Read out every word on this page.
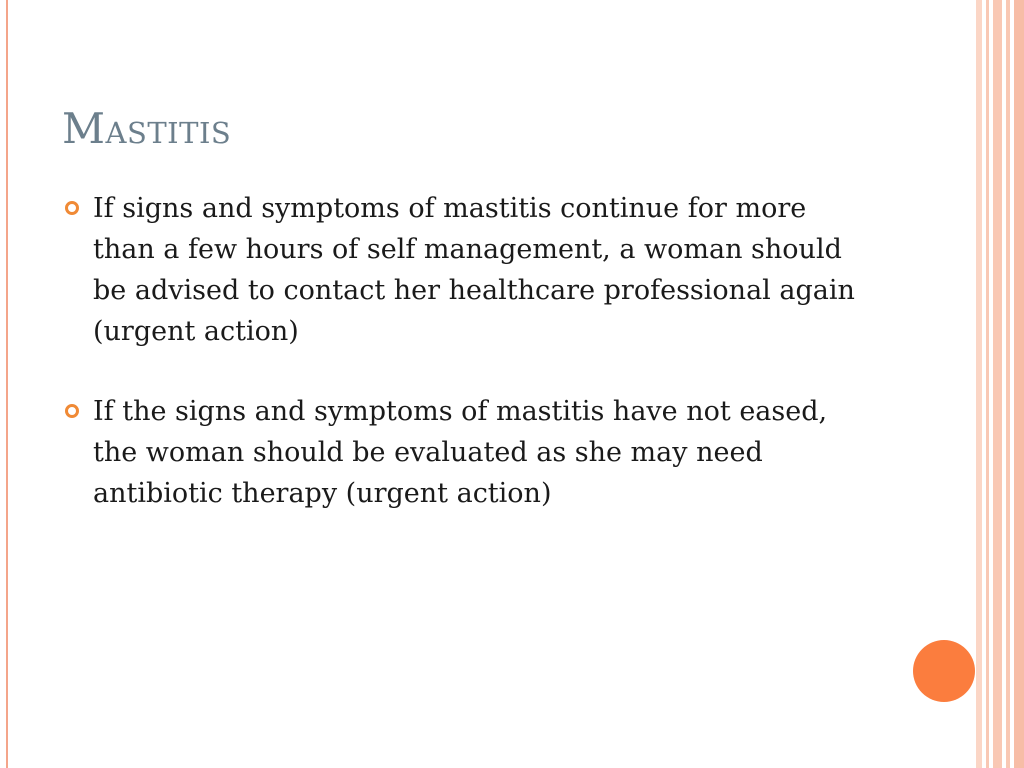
Mastitis
If signs and symptoms of mastitis continue for more than a few hours of self management, a woman should be advised to contact her healthcare professional again (urgent action)
If the signs and symptoms of mastitis have not eased, the woman should be evaluated as she may need antibiotic therapy (urgent action)
